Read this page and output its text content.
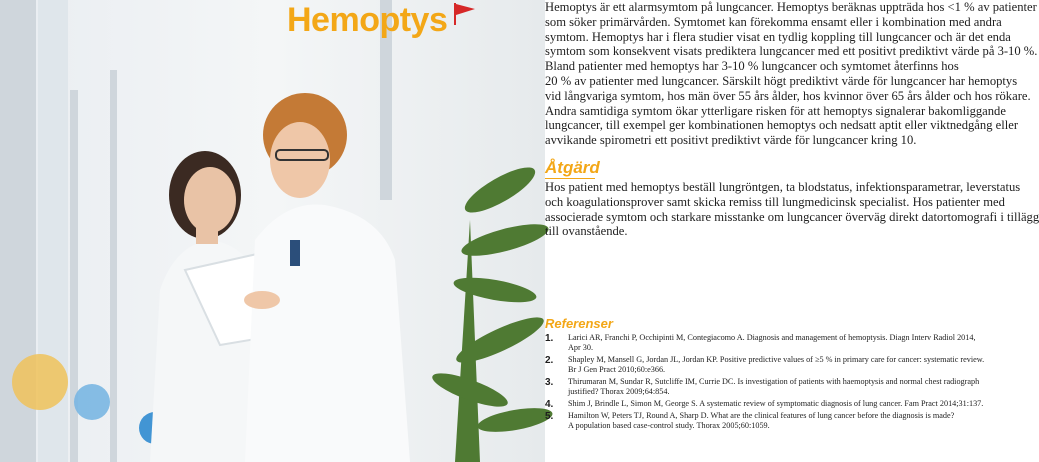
Hemoptys	Hemoptys är ett alarmsymtom på lungcancer. Hemoptys beräknas uppträda hos <1 % av patienter
som söker primärvården. Symtomet kan förekomma ensamt eller i kombination med andra
symtom. Hemoptys har i flera studier visat en tydlig koppling till lungcancer och är det enda
symtom som konsekvent visats prediktera lungcancer med ett positivt prediktivt värde på 3-10 %.
Bland patienter med hemoptys har 3-10 % lungcancer och symtomet återfinns hos
20 % av patienter med lungcancer. Särskilt högt prediktivt värde för lungcancer har hemoptys
vid långvariga symtom, hos män över 55 års ålder, hos kvinnor över 65 års ålder och hos rökare.
Andra samtidiga symtom ökar ytterligare risken för att hemoptys signalerar bakomliggande
lungcancer, till exempel ger kombinationen hemoptys och nedsatt aptit eller viktnedgång eller
avvikande spirometri ett positivt prediktivt värde för lungcancer kring 10.

Åtgärd

Hos patient med hemoptys beställ lungröntgen, ta blodstatus, infektionsparametrar, leverstatus
och koagulationsprover samt skicka remiss till lungmedicinsk specialist. Hos patienter med
associerade symtom och starkare misstanke om lungcancer överväg direkt datortomografi i tillägg
till ovanstående.

Referenser
1. Larici AR, Franchi P, Occhipinti M, Contegiacomo A. Diagnosis and management of hemoptysis. Diagn Interv Radiol 2014,
Apr 30.
2. Shapley M, Mansell G, Jordan JL, Jordan KP. Positive predictive values of ≥5 % in primary care for cancer: systematic review.
Br J Gen Pract 2010;60:e366.
3. Thirumaran M, Sundar R, Sutcliffe IM, Currie DC. Is investigation of patients with haemoptysis and normal chest radiograph
justified? Thorax 2009;64:854.
4. Shim J, Brindle L, Simon M, George S. A systematic review of symptomatic diagnosis of lung cancer. Fam Pract 2014;31:137.
5. Hamilton W, Peters TJ, Round A, Sharp D. What are the clinical features of lung cancer before the diagnosis is made?
A population based case-control study. Thorax 2005;60:1059.
